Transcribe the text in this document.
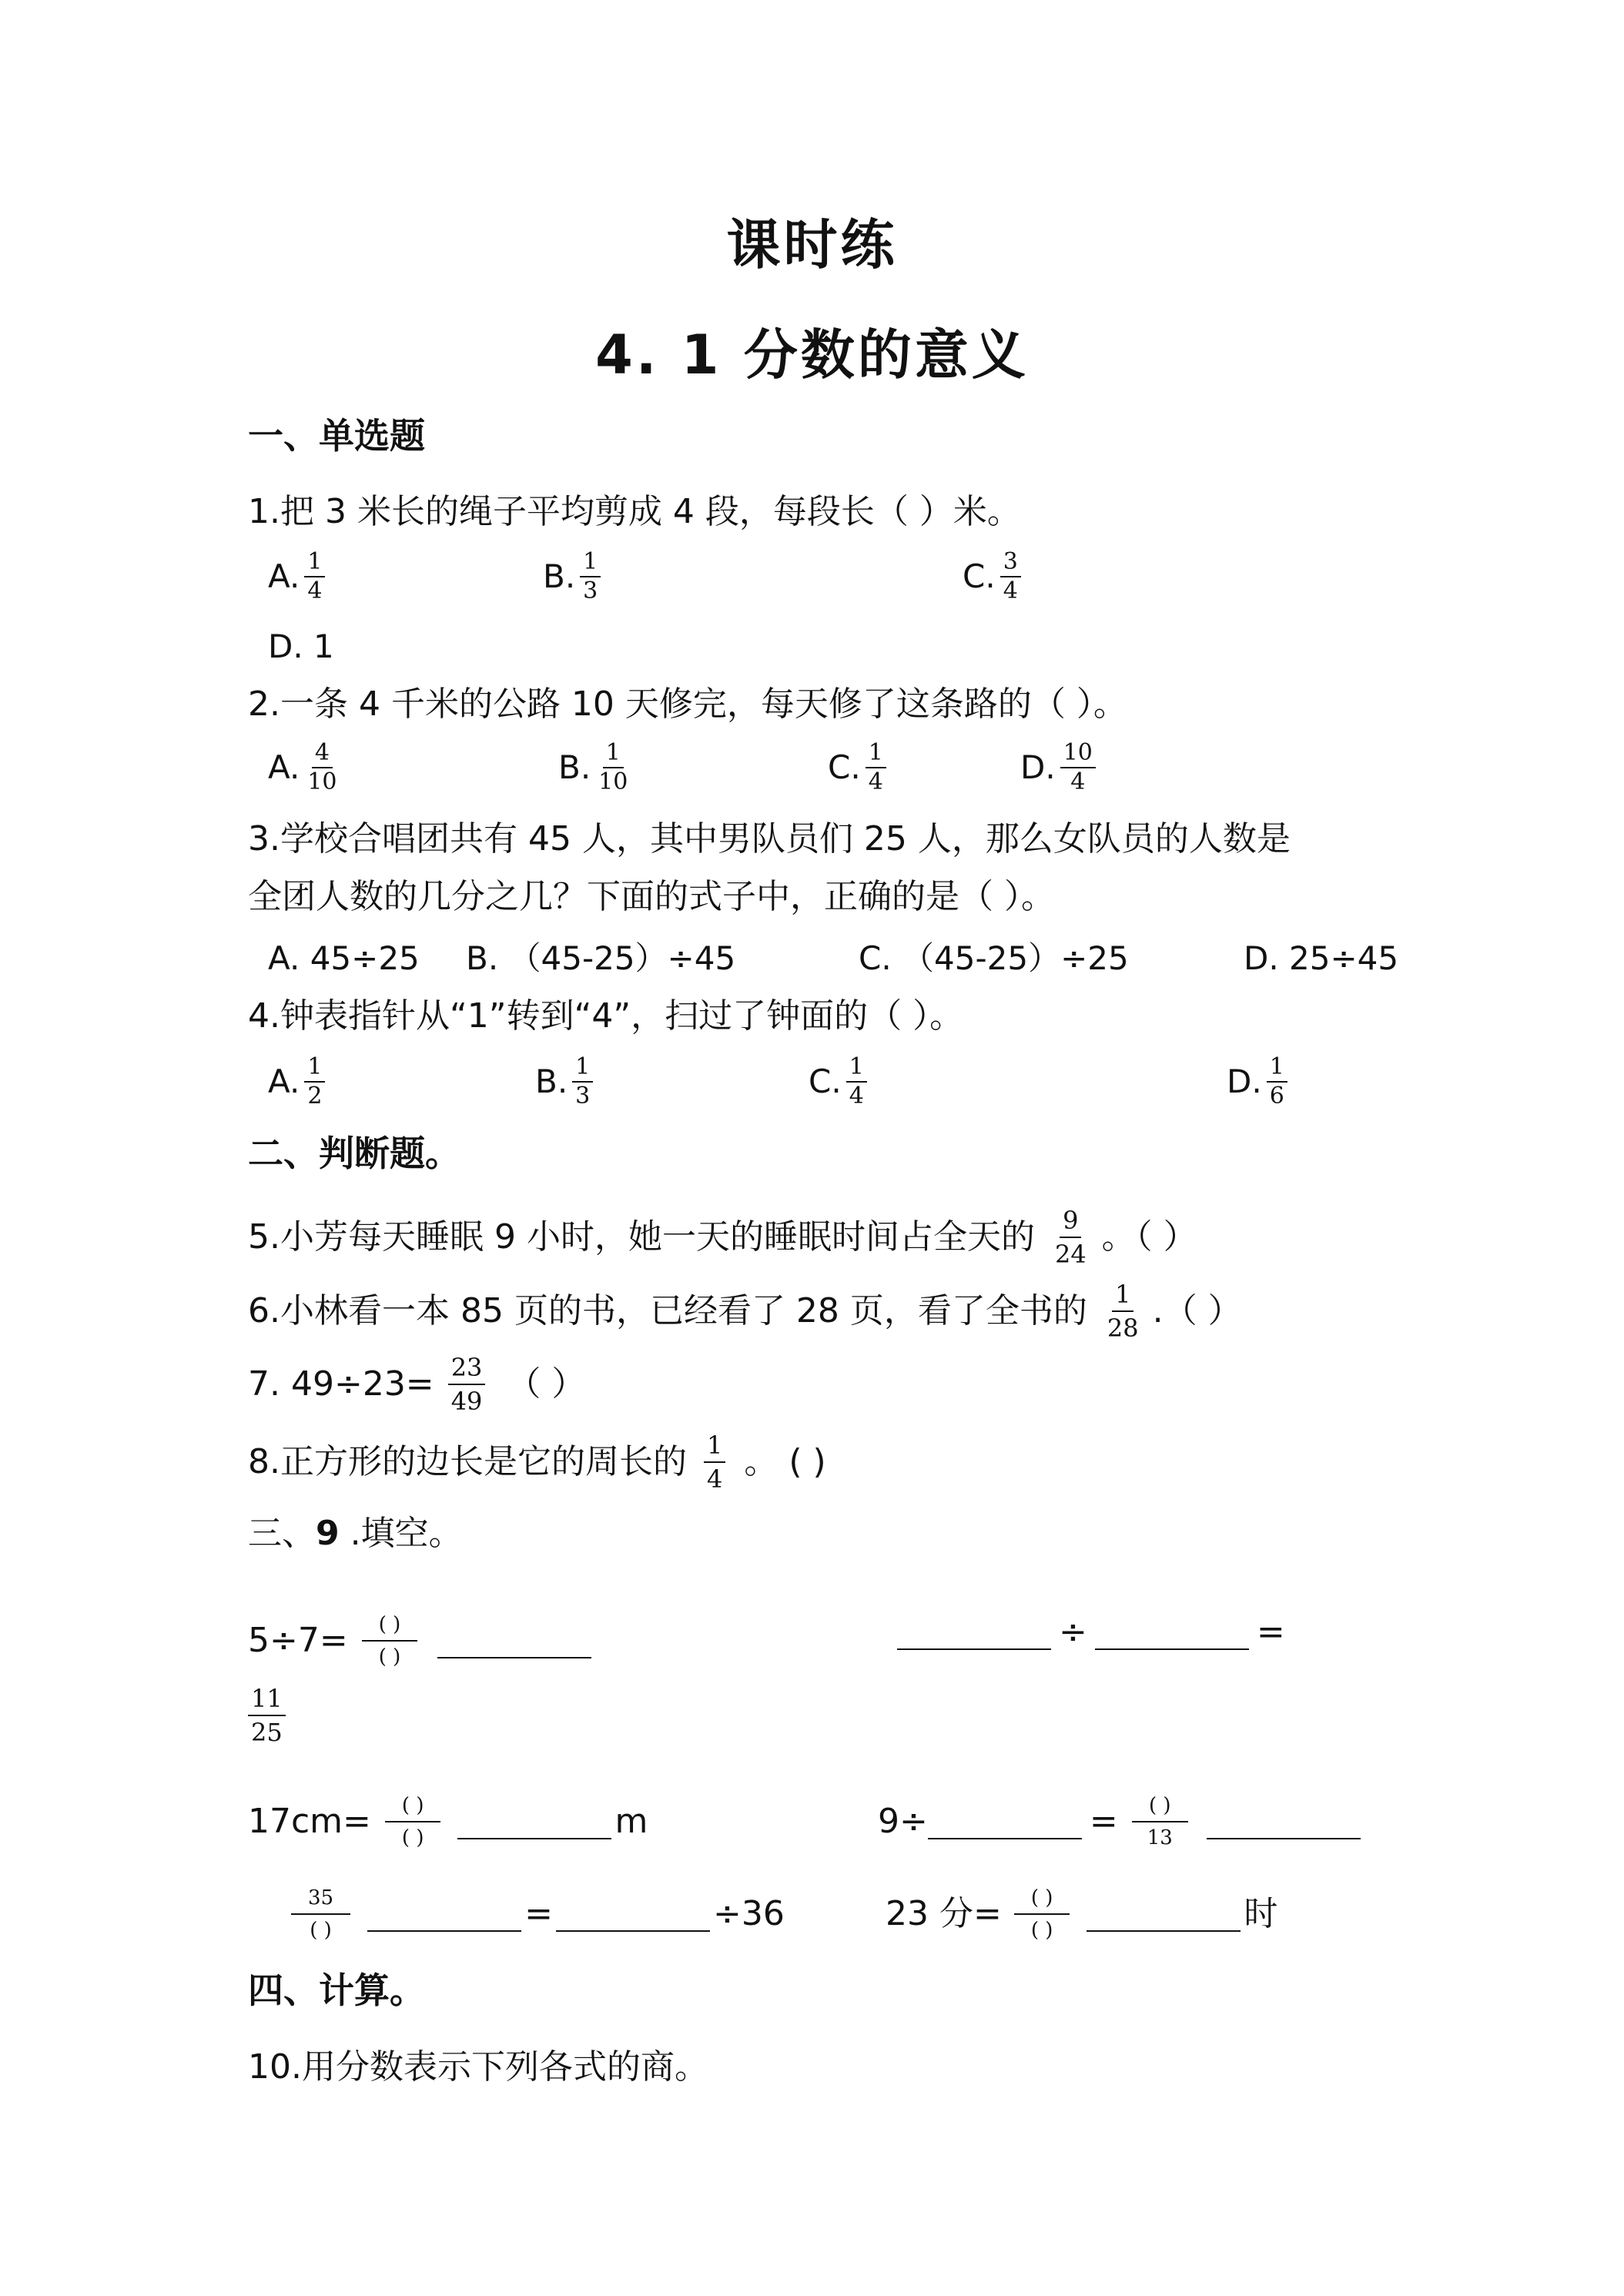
课时练
4. 1 分数的意义
一、单选题
1.把 3 米长的绳子平均剪成 4 段，每段长（ ）米。
A. $\frac{1}{4}$	B. $\frac{1}{3}$	C. $\frac{3}{4}$
D. 1
2.一条 4 千米的公路 10 天修完，每天修了这条路的（ ）。
A. $\frac{4}{10}$	B. $\frac{1}{10}$	C. $\frac{1}{4}$	D. $\frac{10}{4}$
3.学校合唱团共有 45 人，其中男队员们 25 人，那么女队员的人数是
全团人数的几分之几？下面的式子中，正确的是（ ）。
A. 45÷25 B. （45-25）÷45	C. （45-25）÷25	D. 25÷45
4.钟表指针从“1”转到“4”，扫过了钟面的（ ）。
A. $\frac{1}{2}$	B. $\frac{1}{3}$	C. $\frac{1}{4}$	D. $\frac{1}{6}$
二、判断题。
5.小芳每天睡眠 9 小时，她一天的睡眠时间占全天的 $\frac{9}{24}$ 。（ ）
6.小林看一本 85 页的书，已经看了 28 页，看了全书的 $\frac{1}{28}$ .（ ）
7. $49\div 23= \frac{23}{49}$ （ ）
8.正方形的边长是它的周长的 $\frac{1}{4}$ 。 ( )
三、9 .填空。
$5\div 7= \frac{( )}{( )}$	÷	=
$\frac{11}{25}$
$17cm= \frac{( )}{( )}$	m	9÷	= $\frac{( )}{13}$
$\frac{35}{( )}$	=	÷36	23 分= $\frac{( )}{( )}$	时
四、计算。
10.用分数表示下列各式的商。
